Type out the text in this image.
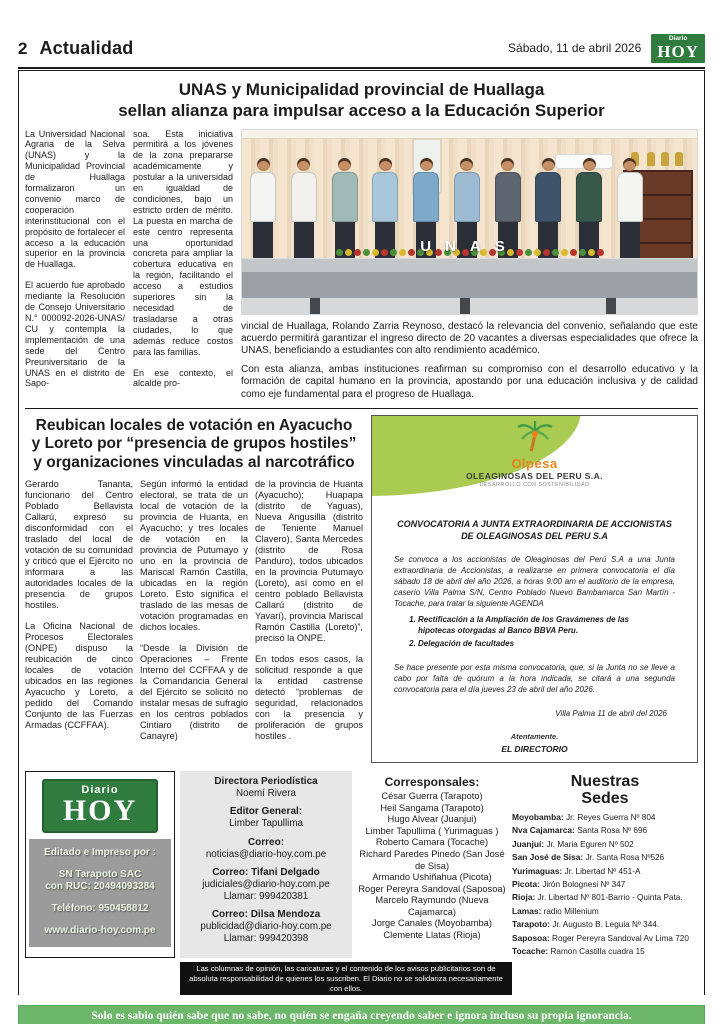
2 Actualidad	Sábado, 11 de abril 2026
Diario
HOY
UNAS y Municipalidad provincial de Huallaga
sellan alianza para impulsar acceso a la Educación Superior

La Universidad Nacional Agraria de la Selva (UNAS) y la Municipalidad Provincial de Huallaga formalizaron un convenio marco de cooperación interinstitucional con el propósito de fortalecer el acceso a la educación superior en la provincia de Huallaga.

El acuerdo fue aprobado mediante la Resolución de Consejo Universitario N.° 000092-2026-UNAS/ CU y contempla la implementación de una sede del Centro Preuniversitario de la UNAS en el distrito de Sapo-

soa. Esta iniciativa permitirá a los jóvenes de la zona prepararse académicamente y postular a la universidad en igualdad de condiciones, bajo un estricto orden de mérito. La puesta en marcha de este centro representa una oportunidad concreta para ampliar la cobertura educativa en la región, facilitando el acceso a estudios superiores sin la necesidad de trasladarse a otras ciudades, lo que además reduce costos para las familias.

En ese contexto, el alcalde pro-

UNAS

vincial de Huallaga, Rolando Zarria Reynoso, destacó la relevancia del convenio, señalando que este acuerdo permitirá garantizar el ingreso directo de 20 vacantes a diversas especialidades que ofrece la UNAS, beneficiando a estudiantes con alto rendimiento académico.

Con esta alianza, ambas instituciones reafirman su compromiso con el desarrollo educativo y la formación de capital humano en la provincia, apostando por una educación inclusiva y de calidad como eje fundamental para el progreso de Huallaga.

Reubican locales de votación en Ayacucho
y Loreto por “presencia de grupos hostiles”
y organizaciones vinculadas al narcotráfico

Gerardo Tananta, funcionario del Centro Poblado Bellavista Callarú, expresó su disconformidad con el traslado del local de votación de su comunidad y criticó que el Ejército no informara a las autoridades locales de la presencia de grupos hostiles.

La Oficina Nacional de Procesos Electorales (ONPE) dispuso la reubicación de cinco locales de votación ubicados en las regiones Ayacucho y Loreto, a pedido del Comando Conjunto de las Fuerzas Armadas (CCFFAA).

Según informó la entidad electoral, se trata de un local de votación de la provincia de Huanta, en Ayacucho; y tres locales de votación en la provincia de Putumayo y uno en la provincia de Mariscal Ramón Castilla, ubicadas en la región Loreto. Esto significa el traslado de las mesas de votación programadas en dichos locales.

“Desde la División de Operaciones – Frente Interno del CCFFAA y de la Comandancia General del Ejército se solicitó no instalar mesas de sufragio en los centros poblados Cintiaro (distrito de Canayre)

de la provincia de Huanta (Ayacucho); Huapapa (distrito de Yaguas), Nueva Angusilla (distrito de Teniente Manuel Clavero), Santa Mercedes (distrito de Rosa Panduro), todos ubicados en la provincia Putumayo (Loreto), así como en el centro poblado Bellavista Callarú (distrito de Yavarí), provincia Mariscal Ramón Castilla (Loreto)”, precisó la ONPE.

En todos esos casos, la solicitud responde a que la entidad castrense detectó “problemas de seguridad, relacionados con la presencia y proliferación de grupos hostiles .

Olpesa
OLEAGINOSAS DEL PERU S.A.
DESARROLLO CON SOSTENIBILIDAD
CONVOCATORIA A JUNTA EXTRAORDINARIA DE ACCIONISTAS
DE OLEAGINOSAS DEL PERU S.A

Se convoca a los accionistas de Oleaginosas del Perú S.A a una Junta extraordinaria de Accionistas, a realizarse en primera convocatoria el día sábado 18 de abril del año 2026, a horas 9:00 am el auditorio de la empresa, caserío Villa Palma S/N, Centro Poblado Nuevo Bambamarca San Martín - Tocache, para tratar la siguiente AGENDA

1. Rectificación a la Ampliación de los Gravámenes de las hipotecas otorgadas al Banco BBVA Peru.
2. Delegación de facultades

Se hace presente por esta misma convocatoria, que, si la Junta no se lleve a cabo por falta de quórum a la hora indicada, se citará a una segunda convocatoria para el día jueves 23 de abril del año 2026.

Villa Palma 11 de abril del 2026
Atentamente.
EL DIRECTORIO
Diario
HOY
Editado e Impreso por :
SN Tarapoto SAC
con RUC: 20494093384
Teléfono: 950458812
www.diario-hoy.com.pe
Directora Periodística
Noemí Rivera
Editor General:
Limber Tapullima
Correo:
noticias@diario-hoy.com.pe
Correo: Tifani Delgado
judiciales@diario-hoy.com.pe
Llamar: 999420381
Correo: Dilsa Mendoza
publicidad@diario-hoy.com.pe
Llamar: 999420398
Corresponsales:
César Guerra (Tarapoto)
Heil Sangama (Tarapoto)
Hugo Alvear (Juanjui)
Limber Tapullima ( Yurimaguas )
Roberto Camara (Tocache)
Richard Paredes Pinedo (San José de Sisa)
Armando Ushiñahua (Picota)
Roger Pereyra Sandoval (Saposoa)
Marcelo Raymundo (Nueva Cajamarca)
Jorge Canales (Moyobamba)
Clemente Llatas (Rioja)
Nuestras Sedes
Moyobamba: Jr: Reyes Guerra Nº 804
Nva Cajamarca: Santa Rosa Nº 696
Juanjuí: Jr. Maria Eguren Nº 502
San José de Sisa: Jr. Santa Rosa Nº526
Yurimaguas: Jr. Libertad Nº 451-A
Picota: Jirón Bolognesi Nº 347
Rioja: Jr. Libertad Nº 801-Barrio - Quinta Pata.
Lamas: radio Millenium
Tarapoto: Jr. Augusto B. Leguia Nº 344.
Saposoa: Roger Pereyra Sandoval Av Lima 720
Tocache: Ramon Castilla cuadra 15
Las columnas de opinión, las caricaturas y el contenido de los avisos publicitarios son de absoluta responsabilidad de quienes los suscriben. El Diario no se solidariza necesariamente con ellos.
Solo es sabio quién sabe que no sabe, no quién se engaña creyendo saber e ignora incluso su propia ignorancia.
